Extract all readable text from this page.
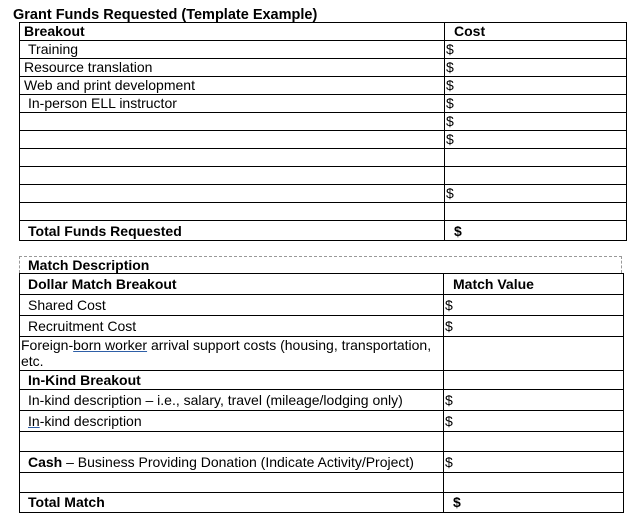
Grant Funds Requested (Template Example)
Breakout	Cost
Training	$
Resource translation	$
Web and print development	$
In-person ELL instructor	$
	$
	$

	$

Total Funds Requested	$
Match Description
Dollar Match Breakout	Match Value
Shared Cost	$
Recruitment Cost	$
Foreign-born worker arrival support costs (housing, transportation, etc.	
In-Kind Breakout	
In-kind description – i.e., salary, travel (mileage/lodging only)	$
In-kind description	$

Cash – Business Providing Donation (Indicate Activity/Project)	$

Total Match	$
